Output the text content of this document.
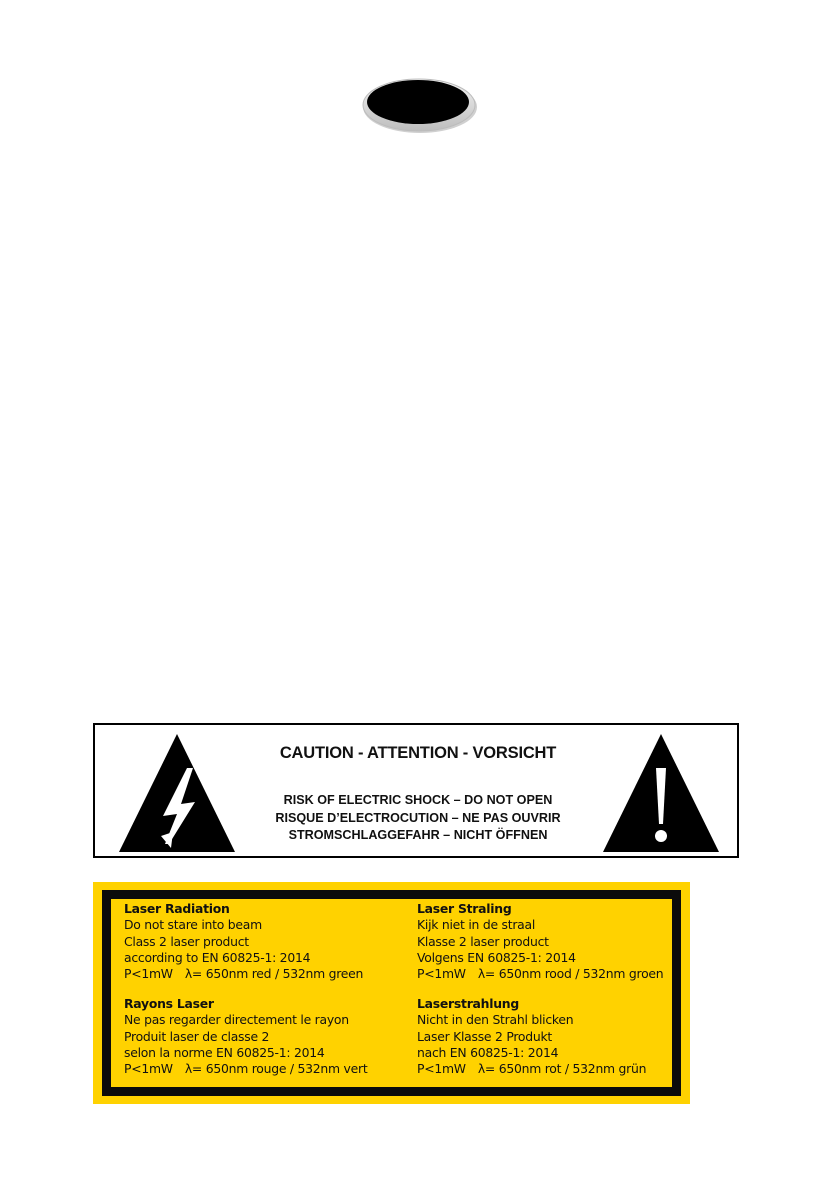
CAUTION - ATTENTION - VORSICHT
RISK OF ELECTRIC SHOCK – DO NOT OPEN
RISQUE D’ELECTROCUTION – NE PAS OUVRIR
STROMSCHLAGGEFAHR – NICHT ÖFFNEN
Laser Radiation
Do not stare into beam
Class 2 laser product
according to EN 60825-1: 2014
P<1mW λ= 650nm red / 532nm green
Laser Straling
Kijk niet in de straal
Klasse 2 laser product
Volgens EN 60825-1: 2014
P<1mW λ= 650nm rood / 532nm groen
Rayons Laser
Ne pas regarder directement le rayon
Produit laser de classe 2
selon la norme EN 60825-1: 2014
P<1mW λ= 650nm rouge / 532nm vert
Laserstrahlung
Nicht in den Strahl blicken
Laser Klasse 2 Produkt
nach EN 60825-1: 2014
P<1mW λ= 650nm rot / 532nm grün
